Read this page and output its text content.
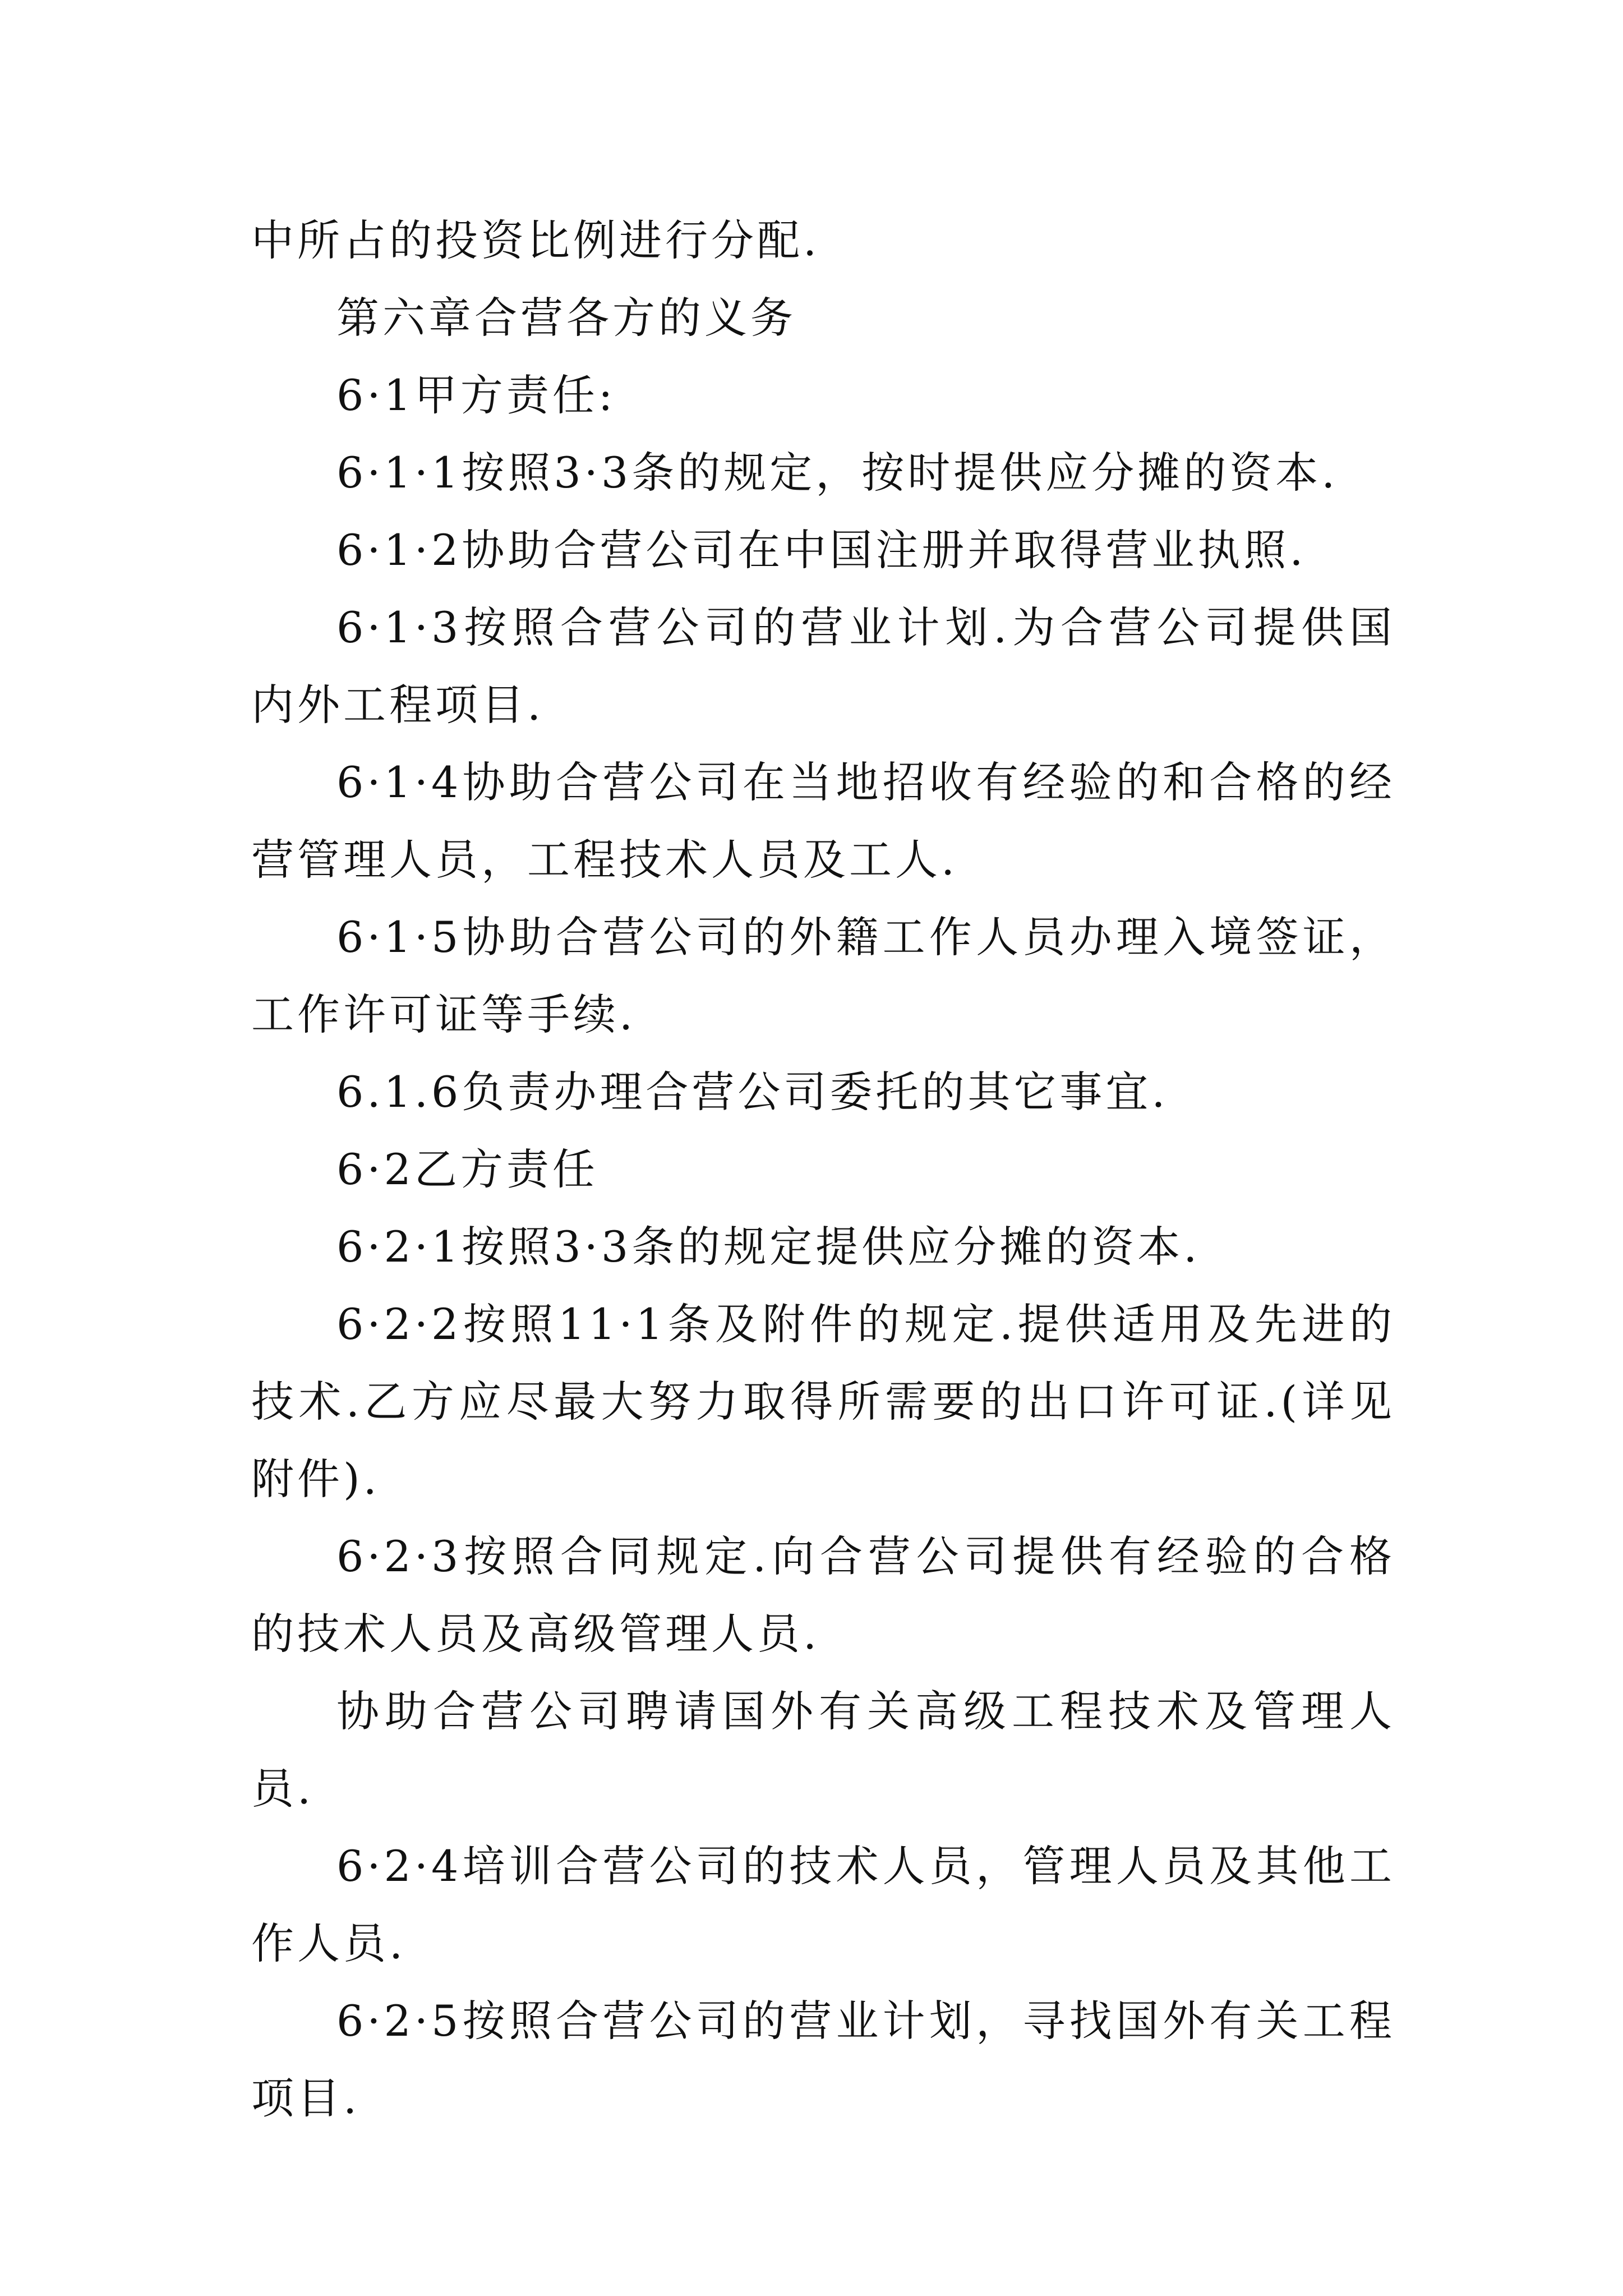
中所占的投资比例进行分配.

第六章合营各方的义务

6·1甲方责任:

6·1·1按照3·3条的规定，按时提供应分摊的资本.

6·1·2协助合营公司在中国注册并取得营业执照.

6·1·3按照合营公司的营业计划.为合营公司提供国内外工程项目.

6·1·4协助合营公司在当地招收有经验的和合格的经营管理人员，工程技术人员及工人.

6·1·5协助合营公司的外籍工作人员办理入境签证，工作许可证等手续.

6.1.6负责办理合营公司委托的其它事宜.

6·2乙方责任

6·2·1按照3·3条的规定提供应分摊的资本.

6·2·2按照11·1条及附件的规定.提供适用及先进的技术.乙方应尽最大努力取得所需要的出口许可证.(详见附件).

6·2·3按照合同规定.向合营公司提供有经验的合格的技术人员及高级管理人员.

协助合营公司聘请国外有关高级工程技术及管理人员.

6·2·4培训合营公司的技术人员，管理人员及其他工作人员.

6·2·5按照合营公司的营业计划，寻找国外有关工程项目.
